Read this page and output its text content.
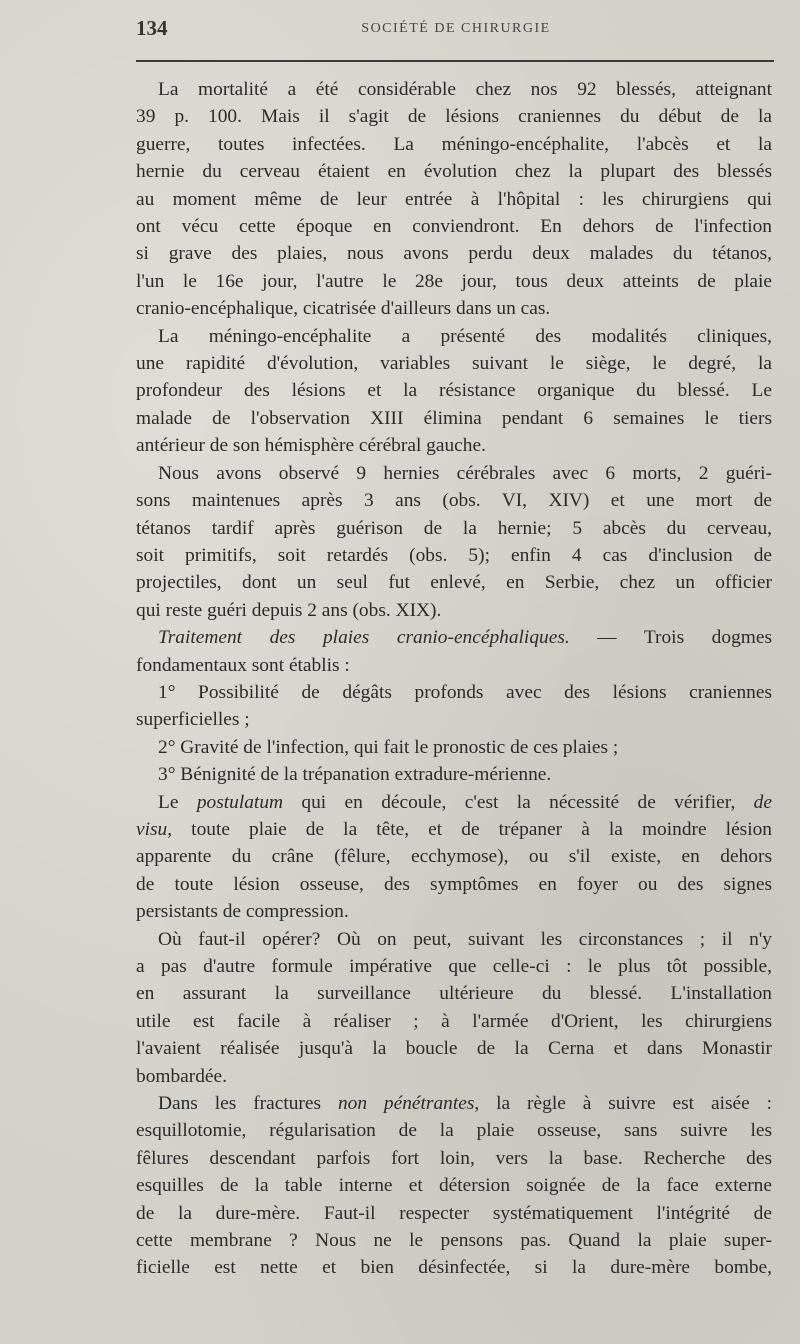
134	SOCIÉTÉ DE CHIRURGIE
La mortalité a été considérable chez nos 92 blessés, atteignant
39 p. 100. Mais il s'agit de lésions craniennes du début de la
guerre, toutes infectées. La méningo-encéphalite, l'abcès et la
hernie du cerveau étaient en évolution chez la plupart des blessés
au moment même de leur entrée à l'hôpital : les chirurgiens qui
ont vécu cette époque en conviendront. En dehors de l'infection
si grave des plaies, nous avons perdu deux malades du tétanos,
l'un le 16e jour, l'autre le 28e jour, tous deux atteints de plaie
cranio-encéphalique, cicatrisée d'ailleurs dans un cas.
La méningo-encéphalite a présenté des modalités cliniques,
une rapidité d'évolution, variables suivant le siège, le degré, la
profondeur des lésions et la résistance organique du blessé. Le
malade de l'observation XIII élimina pendant 6 semaines le tiers
antérieur de son hémisphère cérébral gauche.
Nous avons observé 9 hernies cérébrales avec 6 morts, 2 guéri-
sons maintenues après 3 ans (obs. VI, XIV) et une mort de
tétanos tardif après guérison de la hernie; 5 abcès du cerveau,
soit primitifs, soit retardés (obs. 5); enfin 4 cas d'inclusion de
projectiles, dont un seul fut enlevé, en Serbie, chez un officier
qui reste guéri depuis 2 ans (obs. XIX).
Traitement des plaies cranio-encéphaliques. — Trois dogmes
fondamentaux sont établis :
1° Possibilité de dégâts profonds avec des lésions craniennes
superficielles ;
2° Gravité de l'infection, qui fait le pronostic de ces plaies ;
3° Bénignité de la trépanation extradure-mérienne.
Le postulatum qui en découle, c'est la nécessité de vérifier, de
visu, toute plaie de la tête, et de trépaner à la moindre lésion
apparente du crâne (fêlure, ecchymose), ou s'il existe, en dehors
de toute lésion osseuse, des symptômes en foyer ou des signes
persistants de compression.
Où faut-il opérer? Où on peut, suivant les circonstances ; il n'y
a pas d'autre formule impérative que celle-ci : le plus tôt possible,
en assurant la surveillance ultérieure du blessé. L'installation
utile est facile à réaliser ; à l'armée d'Orient, les chirurgiens
l'avaient réalisée jusqu'à la boucle de la Cerna et dans Monastir
bombardée.
Dans les fractures non pénétrantes, la règle à suivre est aisée :
esquillotomie, régularisation de la plaie osseuse, sans suivre les
fêlures descendant parfois fort loin, vers la base. Recherche des
esquilles de la table interne et détersion soignée de la face externe
de la dure-mère. Faut-il respecter systématiquement l'intégrité de
cette membrane ? Nous ne le pensons pas. Quand la plaie super-
ficielle est nette et bien désinfectée, si la dure-mère bombe,
